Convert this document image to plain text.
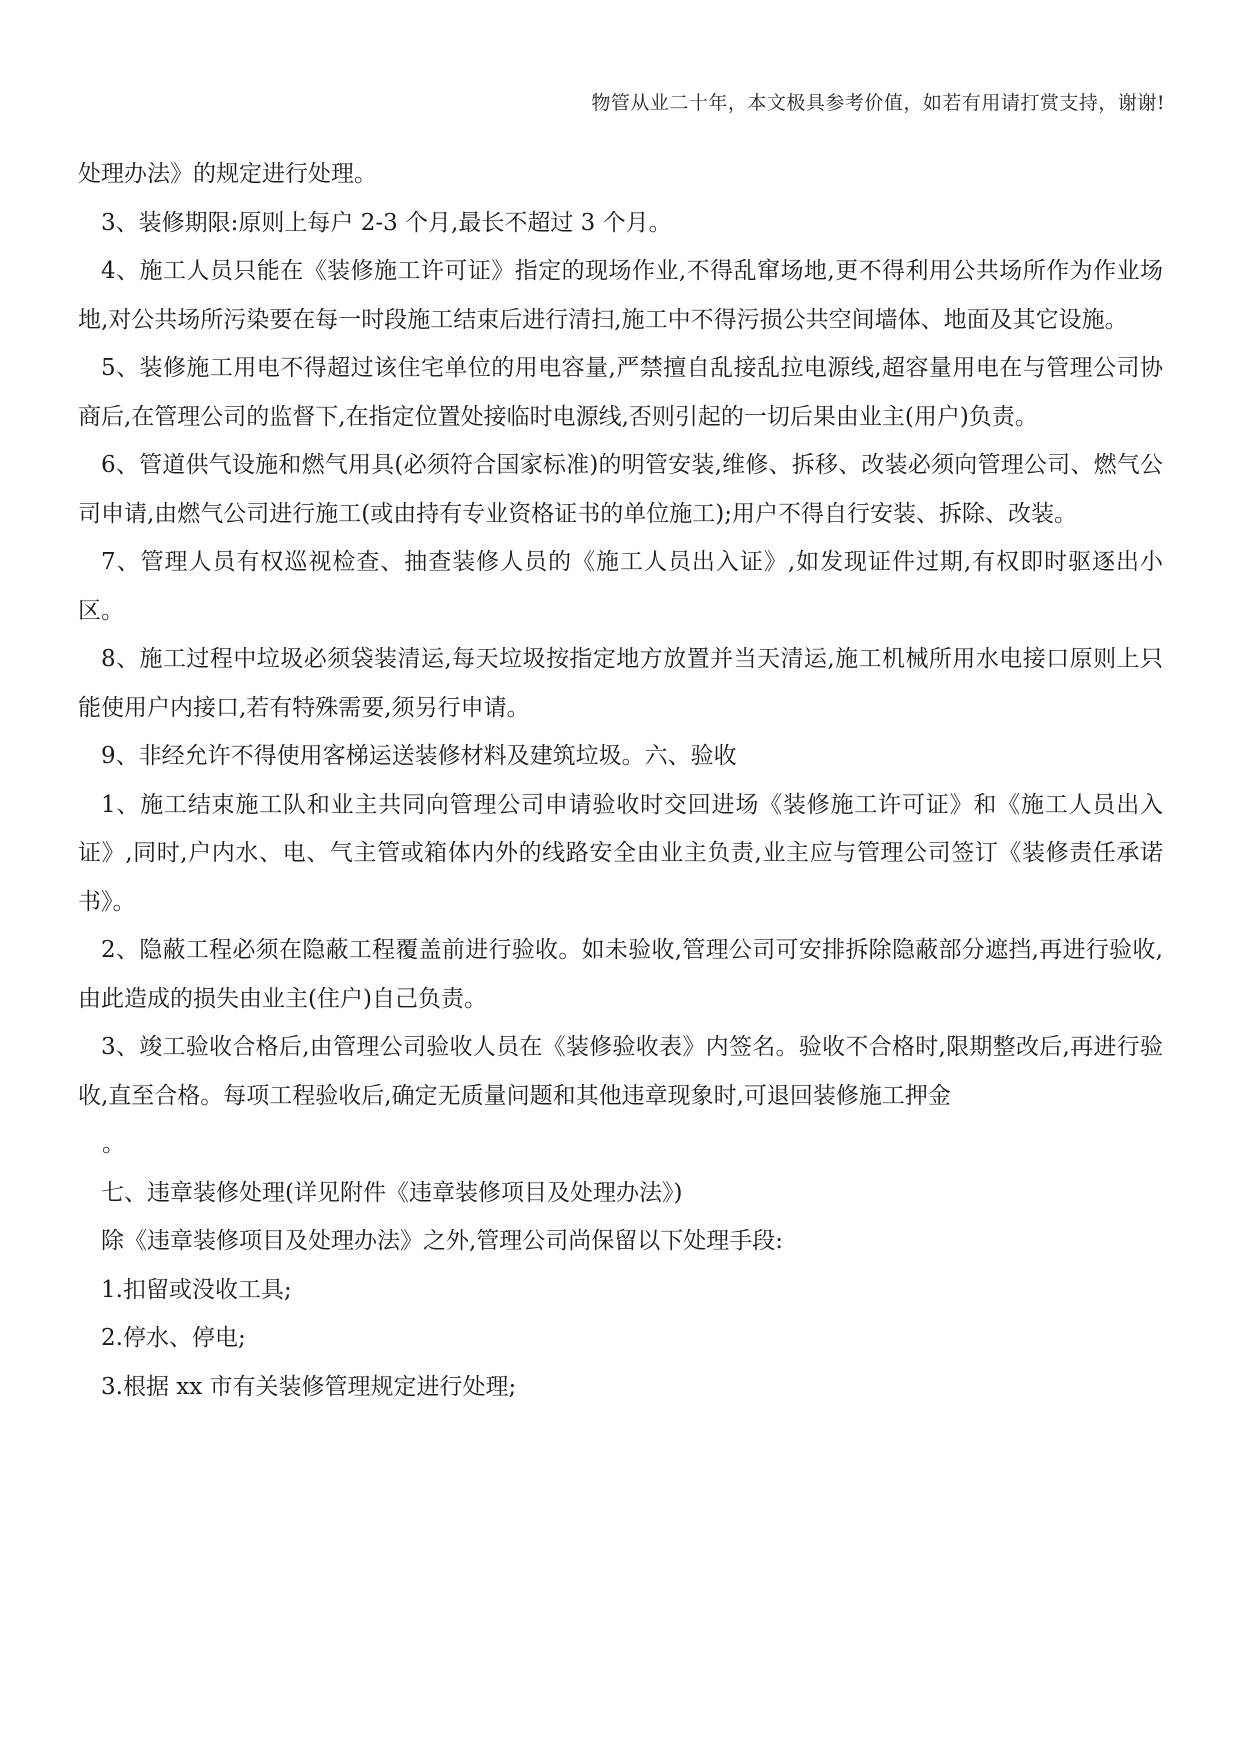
物管从业二十年，本文极具参考价值，如若有用请打赏支持，谢谢!

处理办法》的规定进行处理。

3、装修期限:原则上每户 2-3 个月,最长不超过 3 个月。

4、施工人员只能在《装修施工许可证》指定的现场作业,不得乱窜场地,更不得利用公共场所作为作业场地,对公共场所污染要在每一时段施工结束后进行清扫,施工中不得污损公共空间墙体、地面及其它设施。

5、装修施工用电不得超过该住宅单位的用电容量,严禁擅自乱接乱拉电源线,超容量用电在与管理公司协商后,在管理公司的监督下,在指定位置处接临时电源线,否则引起的一切后果由业主(用户)负责。

6、管道供气设施和燃气用具(必须符合国家标准)的明管安装,维修、拆移、改装必须向管理公司、燃气公司申请,由燃气公司进行施工(或由持有专业资格证书的单位施工);用户不得自行安装、拆除、改装。

7、管理人员有权巡视检查、抽查装修人员的《施工人员出入证》,如发现证件过期,有权即时驱逐出小区。

8、施工过程中垃圾必须袋装清运,每天垃圾按指定地方放置并当天清运,施工机械所用水电接口原则上只能使用户内接口,若有特殊需要,须另行申请。

9、非经允许不得使用客梯运送装修材料及建筑垃圾。六、验收

1、施工结束施工队和业主共同向管理公司申请验收时交回进场《装修施工许可证》和《施工人员出入证》,同时,户内水、电、气主管或箱体内外的线路安全由业主负责,业主应与管理公司签订《装修责任承诺书》。

2、隐蔽工程必须在隐蔽工程覆盖前进行验收。如未验收,管理公司可安排拆除隐蔽部分遮挡,再进行验收,由此造成的损失由业主(住户)自己负责。

3、竣工验收合格后,由管理公司验收人员在《装修验收表》内签名。验收不合格时,限期整改后,再进行验收,直至合格。每项工程验收后,确定无质量问题和其他违章现象时,可退回装修施工押金

。

七、违章装修处理(详见附件《违章装修项目及处理办法》)

除《违章装修项目及处理办法》之外,管理公司尚保留以下处理手段:

1.扣留或没收工具;

2.停水、停电;

3.根据 xx 市有关装修管理规定进行处理;
